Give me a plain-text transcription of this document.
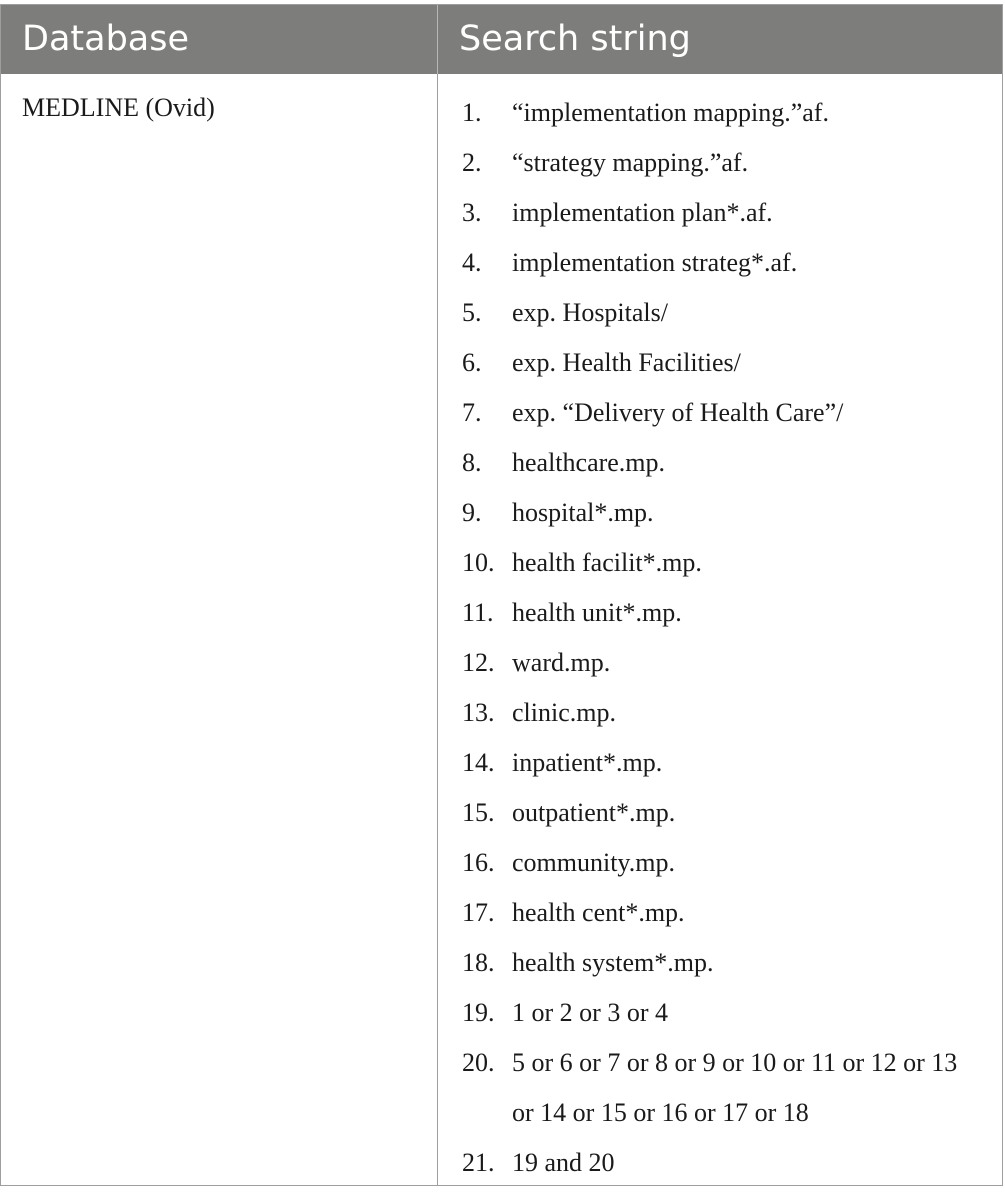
Database	Search string
MEDLINE (Ovid)	1.	“implementation mapping.”af.
2.	“strategy mapping.”af.
3.	implementation plan*.af.
4.	implementation strateg*.af.
5.	exp. Hospitals/
6.	exp. Health Facilities/
7.	exp. “Delivery of Health Care”/
8.	healthcare.mp.
9.	hospital*.mp.
10. health facilit*.mp.
11. health unit*.mp.
12. ward.mp.
13. clinic.mp.
14. inpatient*.mp.
15. outpatient*.mp.
16. community.mp.
17. health cent*.mp.
18. health system*.mp.
19. 1 or 2 or 3 or 4
20. 5 or 6 or 7 or 8 or 9 or 10 or 11 or 12 or 13 or 14 or 15 or 16 or 17 or 18
21. 19 and 20
